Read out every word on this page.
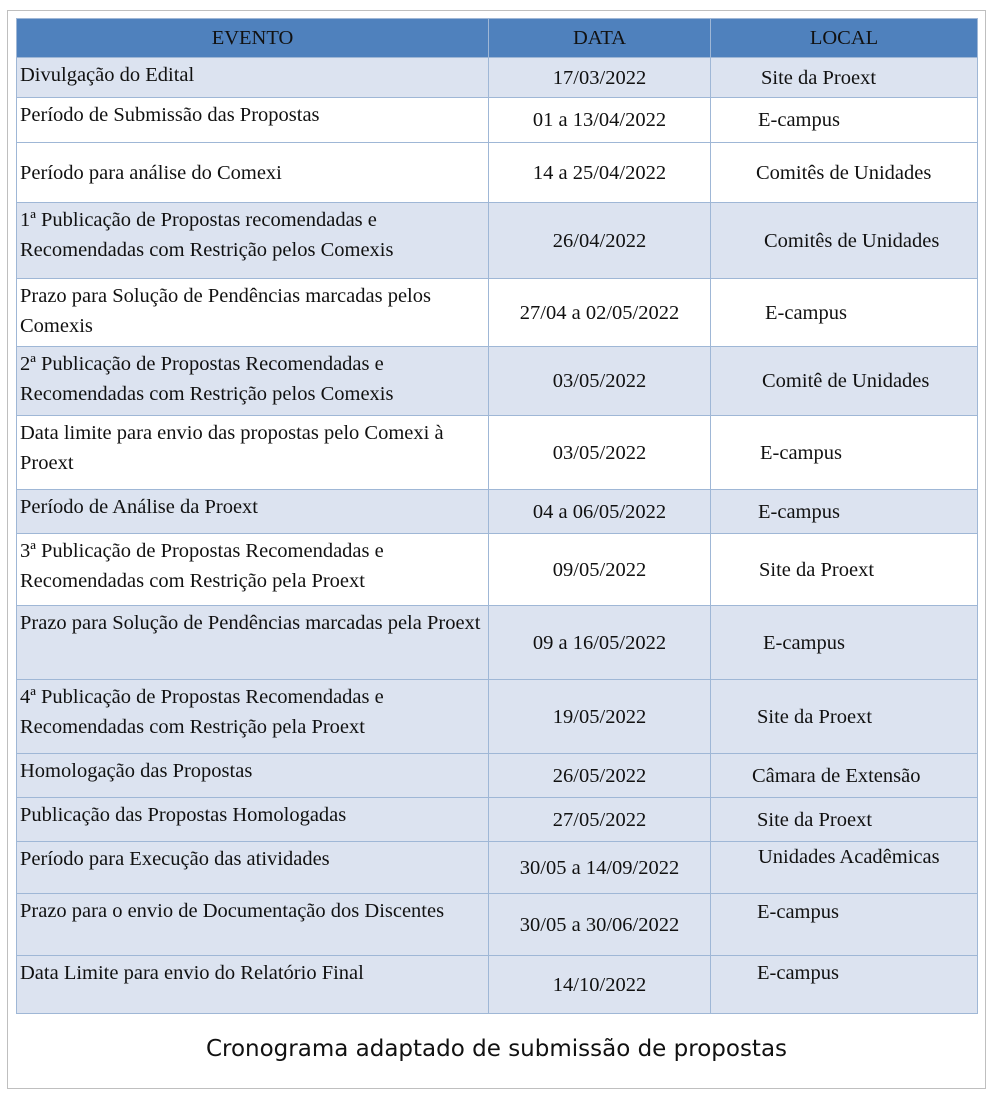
EVENTO	DATA	LOCAL
Divulgação do Edital	17/03/2022	Site da Proext
Período de Submissão das Propostas	01 a 13/04/2022	E-campus
Período para análise do Comexi	14 a 25/04/2022	Comitês de Unidades
1ª Publicação de Propostas recomendadas e Recomendadas com Restrição pelos Comexis	26/04/2022	Comitês de Unidades
Prazo para Solução de Pendências marcadas pelos Comexis	27/04 a 02/05/2022	E-campus
2ª Publicação de Propostas Recomendadas e Recomendadas com Restrição pelos Comexis	03/05/2022	Comitê de Unidades
Data limite para envio das propostas pelo Comexi à Proext	03/05/2022	E-campus
Período de Análise da Proext	04 a 06/05/2022	E-campus
3ª Publicação de Propostas Recomendadas e Recomendadas com Restrição pela Proext	09/05/2022	Site da Proext
Prazo para Solução de Pendências marcadas pela Proext	09 a 16/05/2022	E-campus
4ª Publicação de Propostas Recomendadas e Recomendadas com Restrição pela Proext	19/05/2022	Site da Proext
Homologação das Propostas	26/05/2022	Câmara de Extensão
Publicação das Propostas Homologadas	27/05/2022	Site da Proext
Período para Execução das atividades	30/05 a 14/09/2022	Unidades Acadêmicas
Prazo para o envio de Documentação dos Discentes	30/05 a 30/06/2022	E-campus
Data Limite para envio do Relatório Final	14/10/2022	E-campus
Cronograma adaptado de submissão de propostas
